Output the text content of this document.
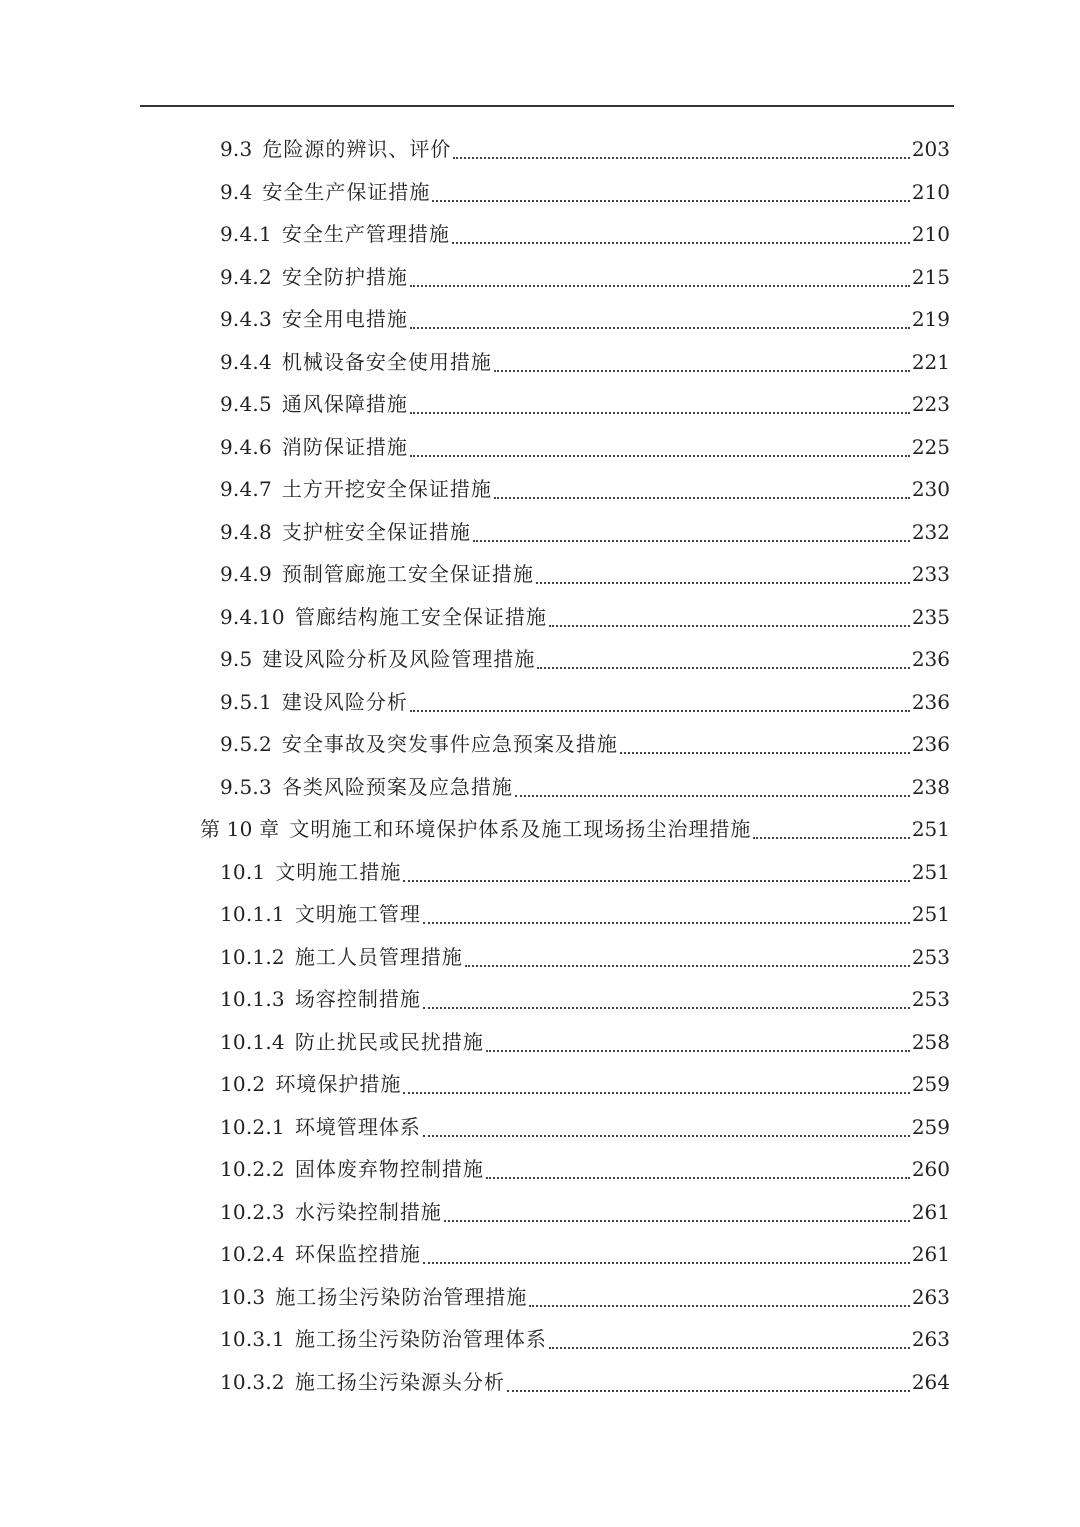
9.3 危险源的辨识、评价	203
9.4 安全生产保证措施	210
9.4.1 安全生产管理措施	210
9.4.2 安全防护措施	215
9.4.3 安全用电措施	219
9.4.4 机械设备安全使用措施	221
9.4.5 通风保障措施	223
9.4.6 消防保证措施	225
9.4.7 土方开挖安全保证措施	230
9.4.8 支护桩安全保证措施	232
9.4.9 预制管廊施工安全保证措施	233
9.4.10 管廊结构施工安全保证措施	235
9.5 建设风险分析及风险管理措施	236
9.5.1 建设风险分析	236
9.5.2 安全事故及突发事件应急预案及措施	236
9.5.3 各类风险预案及应急措施	238
第 10 章 文明施工和环境保护体系及施工现场扬尘治理措施	251
10.1 文明施工措施	251
10.1.1 文明施工管理	251
10.1.2 施工人员管理措施	253
10.1.3 场容控制措施	253
10.1.4 防止扰民或民扰措施	258
10.2 环境保护措施	259
10.2.1 环境管理体系	259
10.2.2 固体废弃物控制措施	260
10.2.3 水污染控制措施	261
10.2.4 环保监控措施	261
10.3 施工扬尘污染防治管理措施	263
10.3.1 施工扬尘污染防治管理体系	263
10.3.2 施工扬尘污染源头分析	264
